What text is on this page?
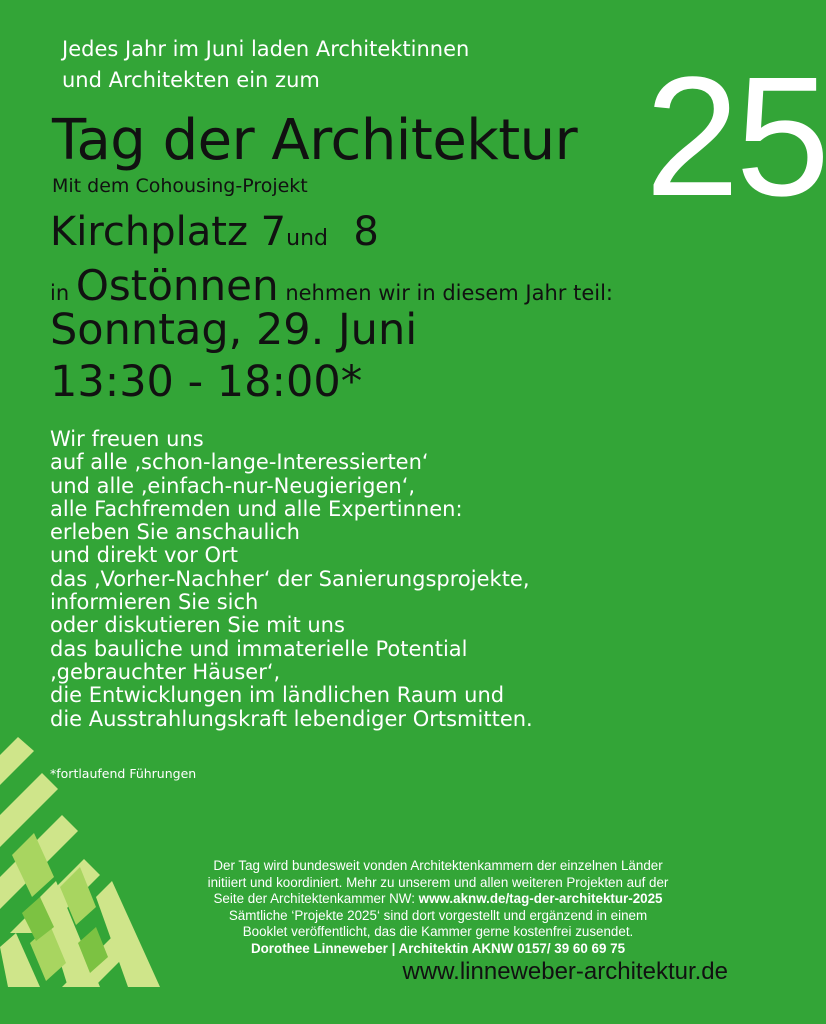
Jedes Jahr im Juni laden Architektinnen
und Architekten ein zum	25
Tag der Architektur
Mit dem Cohousing-Projekt
Kirchplatz 7und 8
in Ostönnen nehmen wir in diesem Jahr teil:
Sonntag, 29. Juni
13:30 - 18:00*
Wir freuen uns
auf alle ‚schon-lange-Interessierten‘
und alle ‚einfach-nur-Neugierigen‘,
alle Fachfremden und alle Expertinnen:
erleben Sie anschaulich
und direkt vor Ort
das ‚Vorher-Nachher‘ der Sanierungsprojekte,
informieren Sie sich
oder diskutieren Sie mit uns
das bauliche und immaterielle Potential
‚gebrauchter Häuser‘,
die Entwicklungen im ländlichen Raum und
die Ausstrahlungskraft lebendiger Ortsmitten.
*fortlaufend Führungen
Der Tag wird bundesweit vonden Architektenkammern der einzelnen Länder
initiiert und koordiniert. Mehr zu unserem und allen weiteren Projekten auf der
Seite der Architektenkammer NW: www.aknw.de/tag-der-architektur-2025
Sämtliche ‘Projekte 2025‘ sind dort vorgestellt und ergänzend in einem
Booklet veröffentlicht, das die Kammer gerne kostenfrei zusendet.
Dorothee Linneweber | Architektin AKNW 0157/ 39 60 69 75
www.linneweber-architektur.de
